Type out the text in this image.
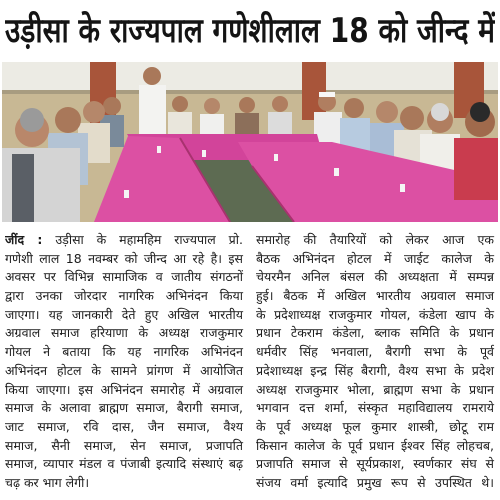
उड़ीसा के राज्यपाल गणेशीलाल 18 को जीन्द में
जींद : उड़ीसा के महामहिम राज्यपाल प्रो.
गणेशी लाल 18 नवम्बर को जीन्द आ रहे है। इस
अवसर पर विभिन्न सामाजिक व जातीय संगठनों
द्वारा उनका जोरदार नागरिक अभिनंदन किया
जाएगा। यह जानकारी देते हुए अखिल भारतीय
अग्रवाल समाज हरियाणा के अध्यक्ष राजकुमार
गोयल ने बताया कि यह नागरिक अभिनंदन
अभिनंदन होटल के सामने प्रांगण में आयोजित
किया जाएगा। इस अभिनंदन समारोह में अग्रवाल
समाज के अलावा ब्राह्मण समाज, बैरागी समाज,
जाट समाज, रवि दास, जैन समाज, वैश्य
समाज, सैनी समाज, सेन समाज, प्रजापति
समाज, व्यापार मंडल व पंजाबी इत्यादि संस्थाएं बढ़
चढ़ कर भाग लेगी।
समारोह की तैयारियों को लेकर आज एक
बैठक अभिनंदन होटल में जाईट कालेज के
चेयरमैन अनिल बंसल की अध्यक्षता में सम्पन्न
हुई। बैठक में अखिल भारतीय अग्रवाल समाज
के प्रदेशाध्यक्ष राजकुमार गोयल, कंडेला खाप के
प्रधान टेकराम कंडेला, ब्लाक समिति के प्रधान
धर्मवीर सिंह भनवाला, बैरागी सभा के पूर्व
प्रदेशाध्यक्ष इन्द्र सिंह बैरागी, वैश्य सभा के प्रदेश
अध्यक्ष राजकुमार भोला, ब्राह्मण सभा के प्रधान
भगवान दत्त शर्मा, संस्कृत महाविद्यालय रामराये
के पूर्व अध्यक्ष फूल कुमार शास्त्री, छोटू राम
किसान कालेज के पूर्व प्रधान ईश्वर सिंह लोहचब,
प्रजापति समाज से सूर्यप्रकाश, स्वर्णकार संघ से
संजय वर्मा इत्यादि प्रमुख रूप से उपस्थित थे।
